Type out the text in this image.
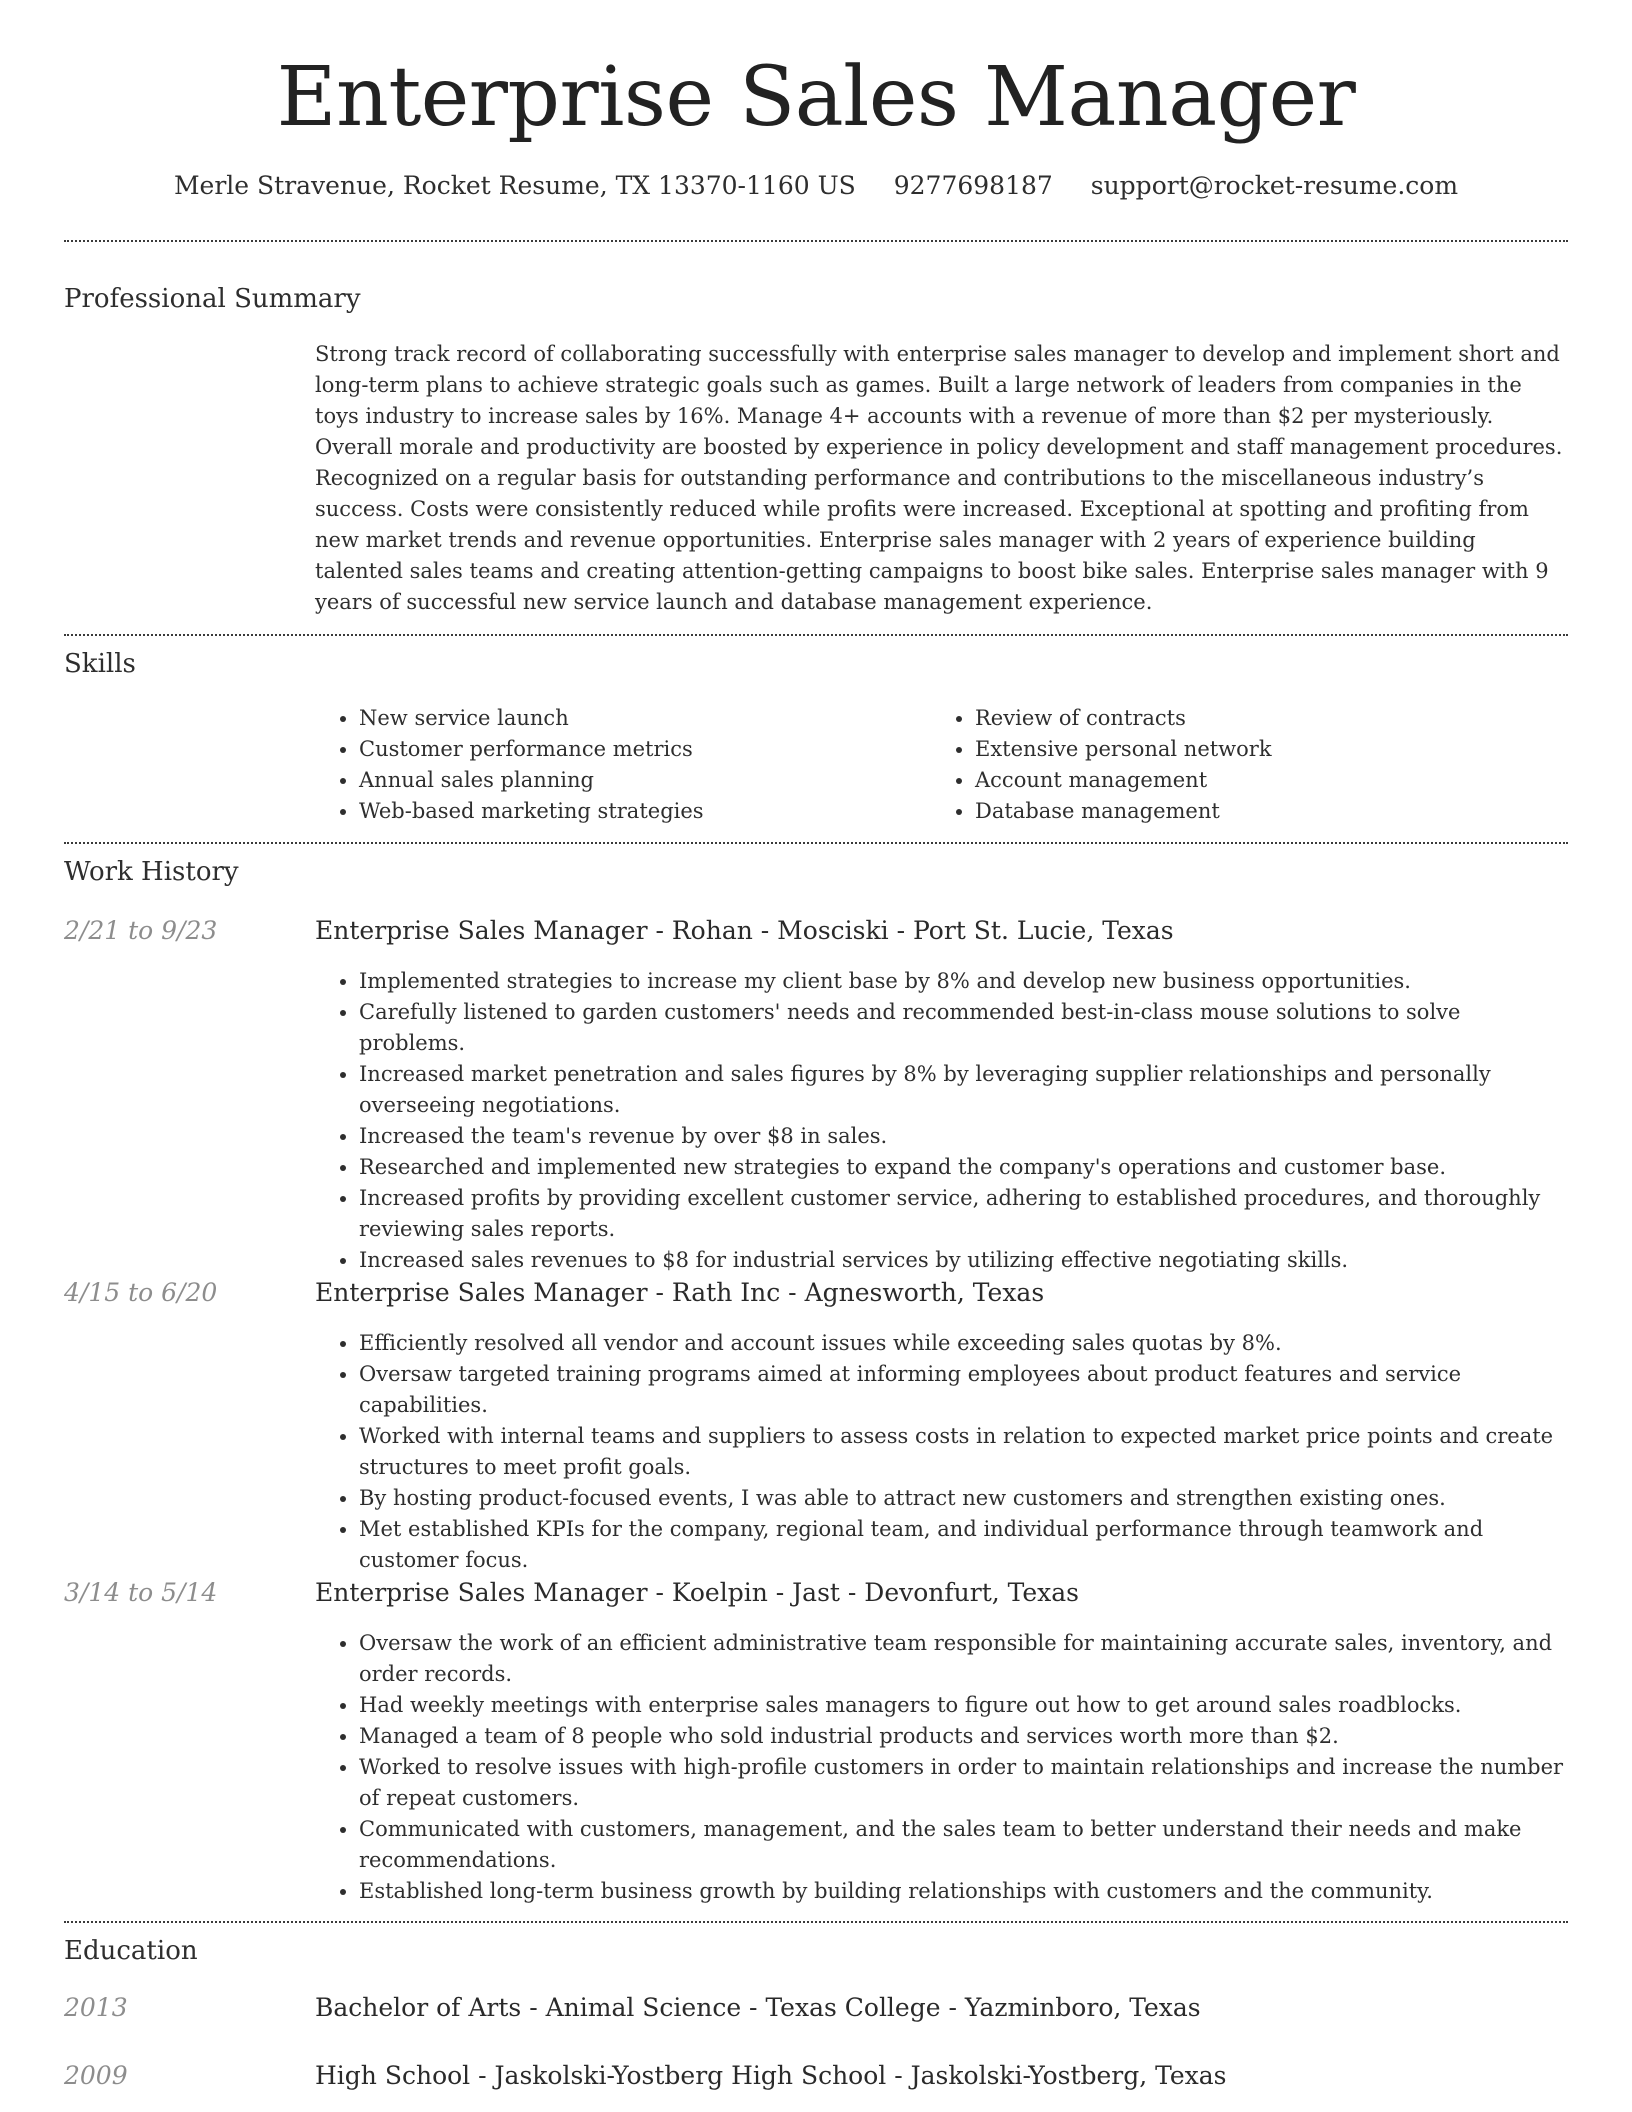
Enterprise Sales Manager
Merle Stravenue, Rocket Resume, TX 13370-1160 US 9277698187 support@rocket-resume.com
Professional Summary

Strong track record of collaborating successfully with enterprise sales manager to develop and implement short and long-term plans to achieve strategic goals such as games. Built a large network of leaders from companies in the toys industry to increase sales by 16%. Manage 4+ accounts with a revenue of more than $2 per mysteriously. Overall morale and productivity are boosted by experience in policy development and staff management procedures. Recognized on a regular basis for outstanding performance and contributions to the miscellaneous industry’s success. Costs were consistently reduced while profits were increased. Exceptional at spotting and profiting from new market trends and revenue opportunities. Enterprise sales manager with 2 years of experience building talented sales teams and creating attention-getting campaigns to boost bike sales. Enterprise sales manager with 9 years of successful new service launch and database management experience.

Skills
• New service launch
• Customer performance metrics
• Annual sales planning
• Web-based marketing strategies
• Review of contracts
• Extensive personal network
• Account management
• Database management
Work History
2/21 to 9/23	Enterprise Sales Manager - Rohan - Mosciski - Port St. Lucie, Texas
• Implemented strategies to increase my client base by 8% and develop new business opportunities.
• Carefully listened to garden customers' needs and recommended best-in-class mouse solutions to solve problems.
• Increased market penetration and sales figures by 8% by leveraging supplier relationships and personally overseeing negotiations.
• Increased the team's revenue by over $8 in sales.
• Researched and implemented new strategies to expand the company's operations and customer base.
• Increased profits by providing excellent customer service, adhering to established procedures, and thoroughly reviewing sales reports.
• Increased sales revenues to $8 for industrial services by utilizing effective negotiating skills.
4/15 to 6/20	Enterprise Sales Manager - Rath Inc - Agnesworth, Texas
• Efficiently resolved all vendor and account issues while exceeding sales quotas by 8%.
• Oversaw targeted training programs aimed at informing employees about product features and service capabilities.
• Worked with internal teams and suppliers to assess costs in relation to expected market price points and create structures to meet profit goals.
• By hosting product-focused events, I was able to attract new customers and strengthen existing ones.
• Met established KPIs for the company, regional team, and individual performance through teamwork and customer focus.
3/14 to 5/14	Enterprise Sales Manager - Koelpin - Jast - Devonfurt, Texas
• Oversaw the work of an efficient administrative team responsible for maintaining accurate sales, inventory, and order records.
• Had weekly meetings with enterprise sales managers to figure out how to get around sales roadblocks.
• Managed a team of 8 people who sold industrial products and services worth more than $2.
• Worked to resolve issues with high-profile customers in order to maintain relationships and increase the number of repeat customers.
• Communicated with customers, management, and the sales team to better understand their needs and make recommendations.
• Established long-term business growth by building relationships with customers and the community.
Education
2013	Bachelor of Arts - Animal Science - Texas College - Yazminboro, Texas
2009	High School - Jaskolski-Yostberg High School - Jaskolski-Yostberg, Texas
